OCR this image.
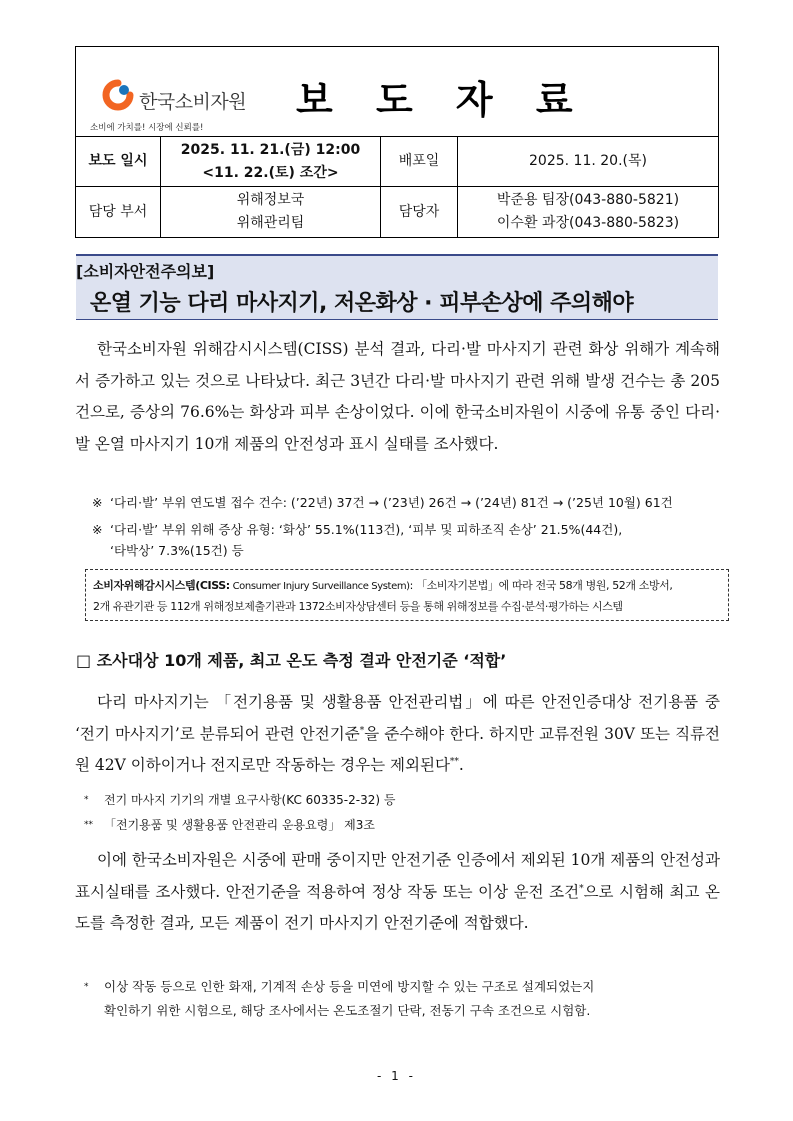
한국소비자원
소비에 가치를! 시장에 신뢰를!
보 도 자 료
보도 일시
2025. 11. 21.(금) 12:00
<11. 22.(토) 조간>
배포일	2025. 11. 20.(목)
담당 부서
위해정보국
위해관리팀
담당자
박준용 팀장(043-880-5821)
이수환 과장(043-880-5823)
[소비자안전주의보]
온열 기능 다리 마사지기, 저온화상 · 피부손상에 주의해야
한국소비자원 위해감시시스템(CISS) 분석 결과, 다리·발 마사지기 관련 화상 위해가 계속해서 증가하고 있는 것으로 나타났다. 최근 3년간 다리·발 마사지기 관련 위해 발생 건수는 총 205건으로, 증상의 76.6%는 화상과 피부 손상이었다. 이에 한국소비자원이 시중에 유통 중인 다리·발 온열 마사지기 10개 제품의 안전성과 표시 실태를 조사했다.
※ ‘다리·발’ 부위 연도별 접수 건수: (’22년) 37건 → (’23년) 26건 → (’24년) 81건 → (’25년 10월) 61건
※ ‘다리·발’ 부위 위해 증상 유형: ‘화상’ 55.1%(113건), ‘피부 및 피하조직 손상’ 21.5%(44건),
‘타박상’ 7.3%(15건) 등
소비자위해감시시스템(CISS: Consumer Injury Surveillance System): 「소비자기본법」에 따라 전국 58개 병원, 52개 소방서,
2개 유관기관 등 112개 위해정보제출기관과 1372소비자상담센터 등을 통해 위해정보를 수집·분석·평가하는 시스템
□ 조사대상 10개 제품, 최고 온도 측정 결과 안전기준 ‘적합’
다리 마사지기는 「전기용품 및 생활용품 안전관리법」에 따른 안전인증대상 전기용품 중 ‘전기 마사지기’로 분류되어 관련 안전기준*을 준수해야 한다. 하지만 교류전원 30V 또는 직류전원 42V 이하이거나 전지로만 작동하는 경우는 제외된다**.
* 전기 마사지 기기의 개별 요구사항(KC 60335-2-32) 등
** 「전기용품 및 생활용품 안전관리 운용요령」 제3조
이에 한국소비자원은 시중에 판매 중이지만 안전기준 인증에서 제외된 10개 제품의 안전성과 표시실태를 조사했다. 안전기준을 적용하여 정상 작동 또는 이상 운전 조건*으로 시험해 최고 온도를 측정한 결과, 모든 제품이 전기 마사지기 안전기준에 적합했다.
* 이상 작동 등으로 인한 화재, 기계적 손상 등을 미연에 방지할 수 있는 구조로 설계되었는지
확인하기 위한 시험으로, 해당 조사에서는 온도조절기 단락, 전동기 구속 조건으로 시험함.
- 1 -
